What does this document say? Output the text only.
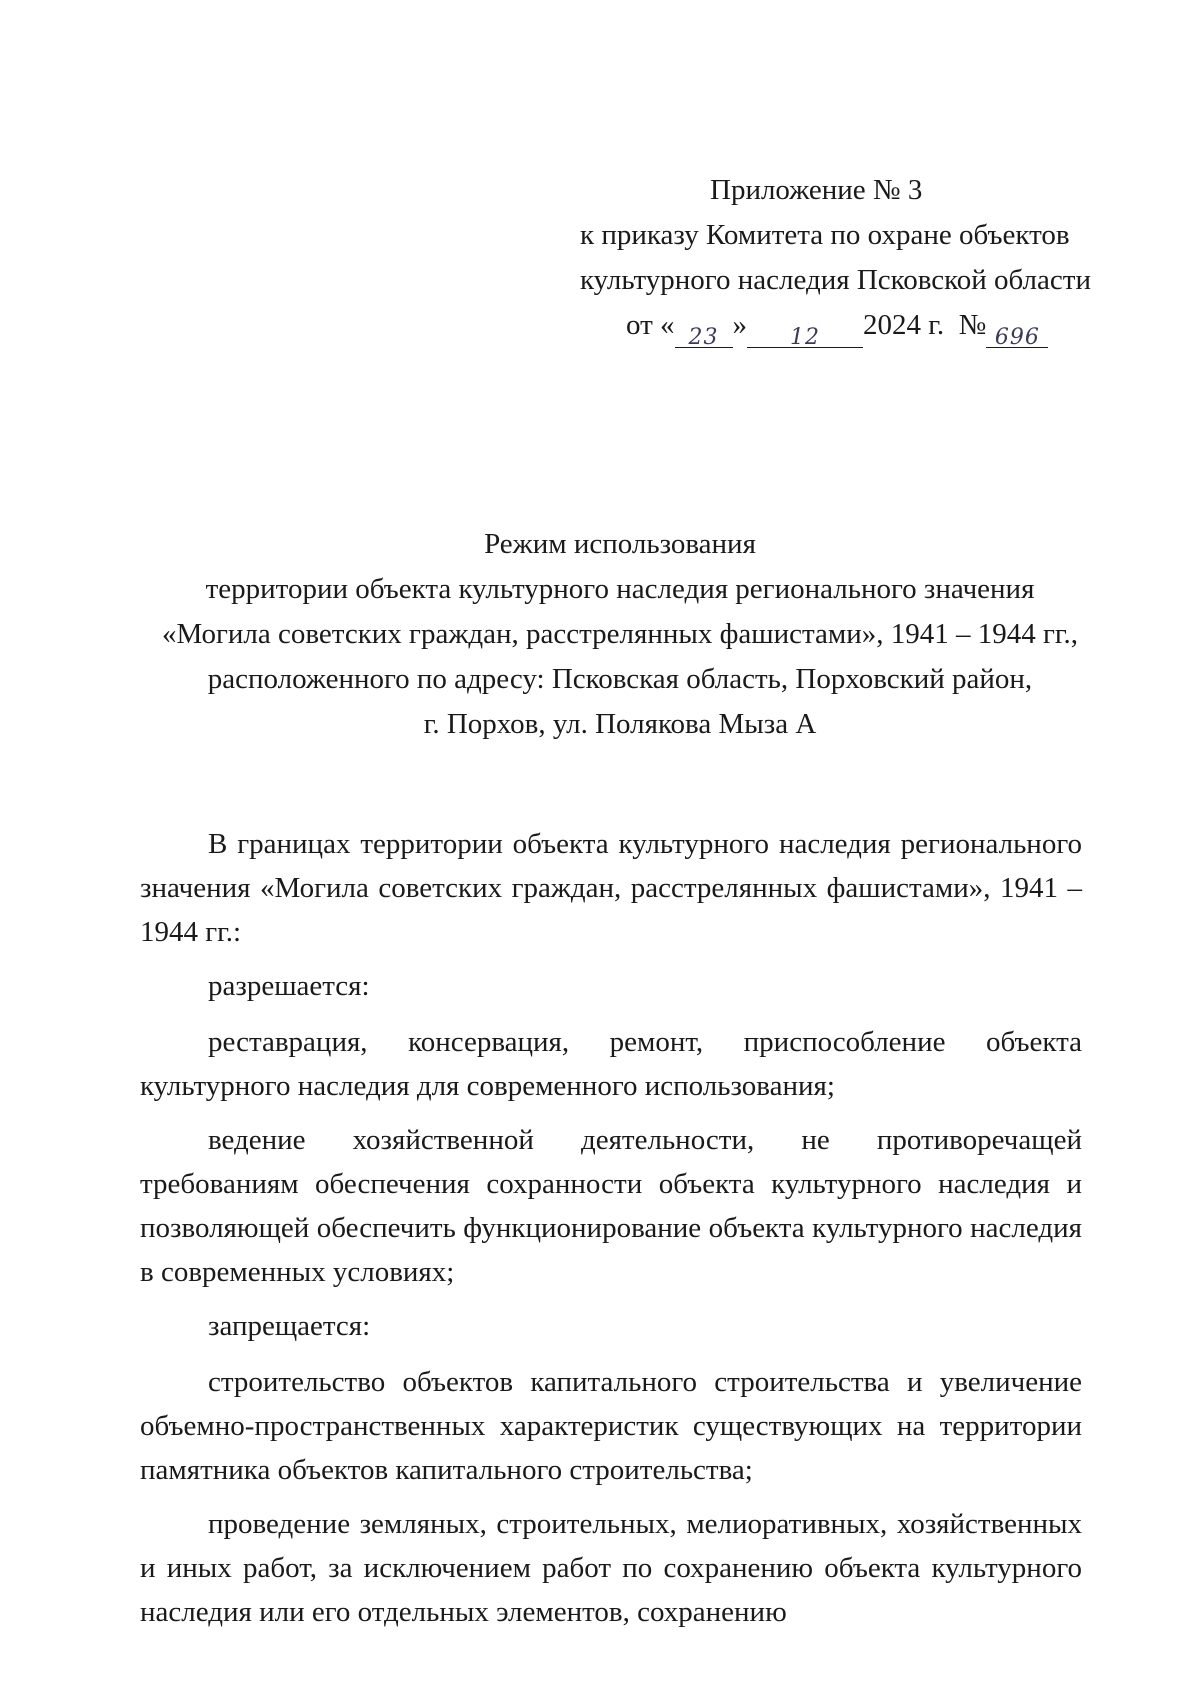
Приложение № 3
к приказу Комитета по охране объектов
культурного наследия Псковской области
от « 23 » 12 2024 г. № 696
Режим использования
территории объекта культурного наследия регионального значения
«Могила советских граждан, расстрелянных фашистами», 1941 – 1944 гг.,
расположенного по адресу: Псковская область, Порховский район,
г. Порхов, ул. Полякова Мыза А

В границах территории объекта культурного наследия регионального значения «Могила советских граждан, расстрелянных фашистами», 1941 – 1944 гг.:

разрешается:

реставрация, консервация, ремонт, приспособление объекта культурного наследия для современного использования;

ведение хозяйственной деятельности, не противоречащей требованиям обеспечения сохранности объекта культурного наследия и позволяющей обеспечить функционирование объекта культурного наследия в современных условиях;

запрещается:

строительство объектов капитального строительства и увеличение объемно-пространственных характеристик существующих на территории памятника объектов капитального строительства;

проведение земляных, строительных, мелиоративных, хозяйственных и иных работ, за исключением работ по сохранению объекта культурного наследия или его отдельных элементов, сохранению
